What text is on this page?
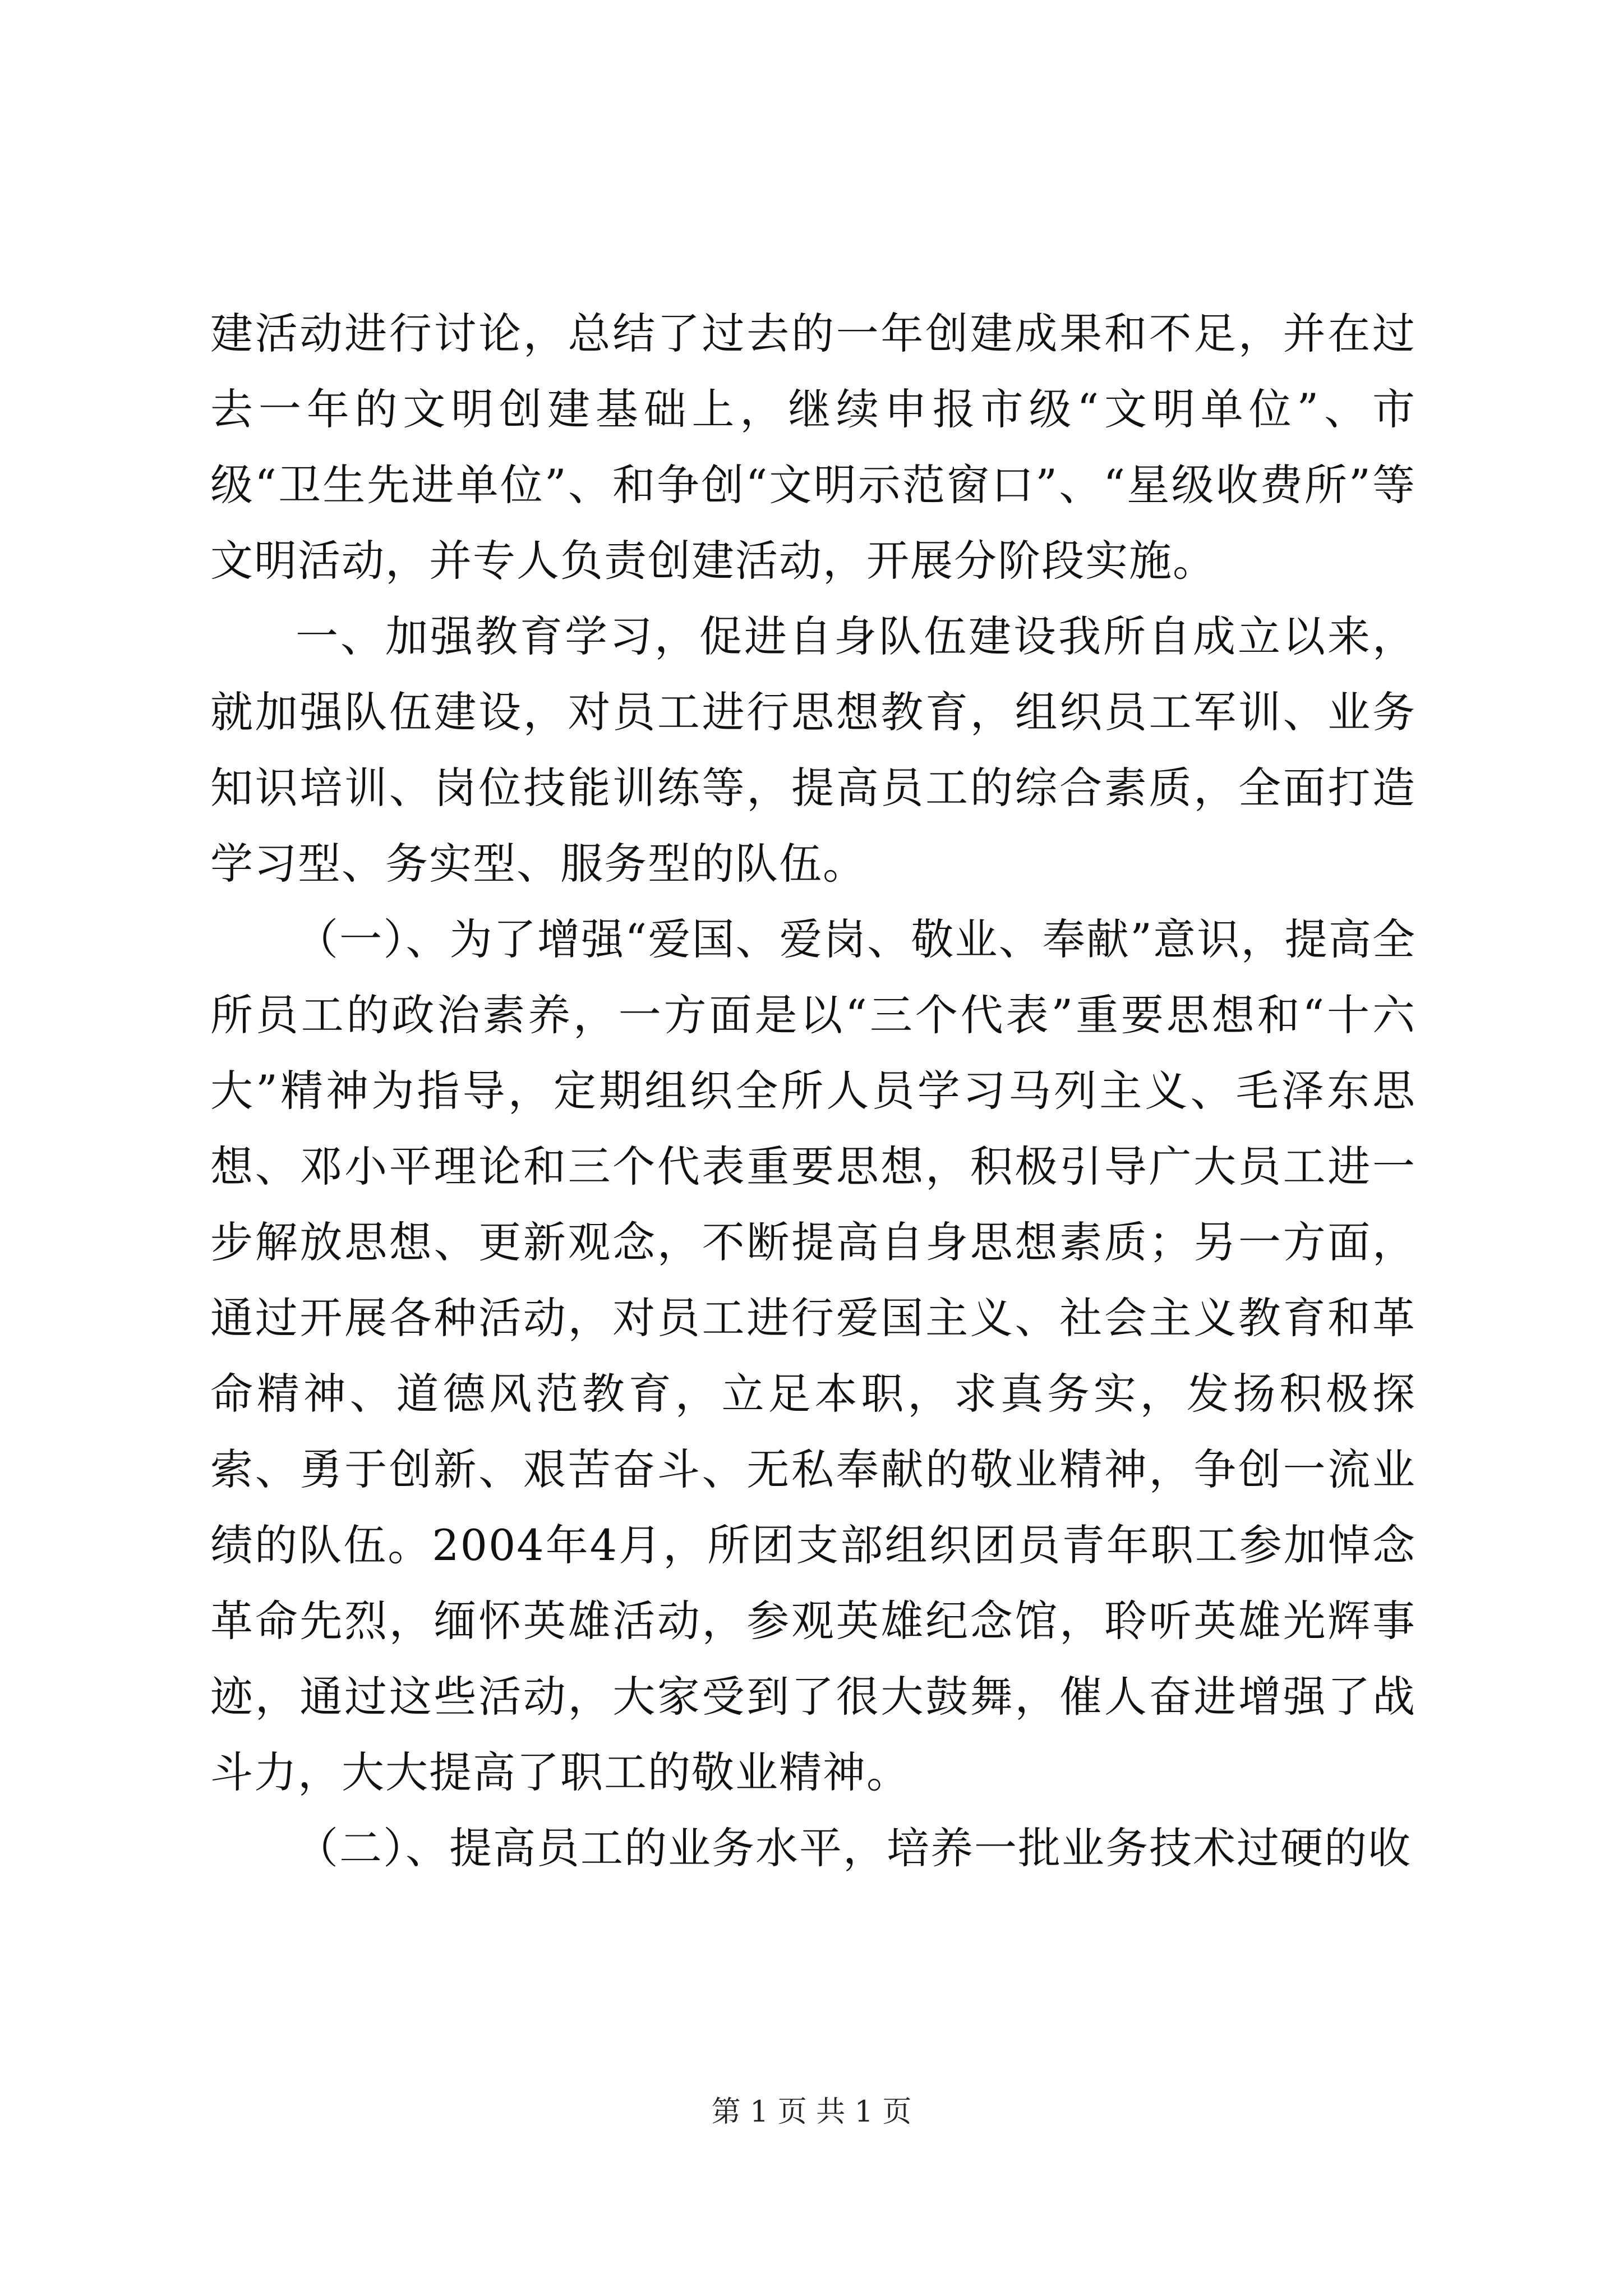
建活动进行讨论，总结了过去的一年创建成果和不足，并在过去一年的文明创建基础上，继续申报市级“文明单位”、市级“卫生先进单位”、和争创“文明示范窗口”、“星级收费所”等文明活动，并专人负责创建活动，开展分阶段实施。

一、加强教育学习，促进自身队伍建设我所自成立以来，就加强队伍建设，对员工进行思想教育，组织员工军训、业务知识培训、岗位技能训练等，提高员工的综合素质，全面打造学习型、务实型、服务型的队伍。

（一）、为了增强“爱国、爱岗、敬业、奉献”意识，提高全所员工的政治素养，一方面是以“三个代表”重要思想和“十六大”精神为指导，定期组织全所人员学习马列主义、毛泽东思想、邓小平理论和三个代表重要思想，积极引导广大员工进一步解放思想、更新观念，不断提高自身思想素质；另一方面，通过开展各种活动，对员工进行爱国主义、社会主义教育和革命精神、道德风范教育，立足本职，求真务实，发扬积极探索、勇于创新、艰苦奋斗、无私奉献的敬业精神，争创一流业绩的队伍。2004年4月，所团支部组织团员青年职工参加悼念革命先烈，缅怀英雄活动，参观英雄纪念馆，聆听英雄光辉事迹，通过这些活动，大家受到了很大鼓舞，催人奋进增强了战斗力，大大提高了职工的敬业精神。

（二）、提高员工的业务水平，培养一批业务技术过硬的收

第 1 页 共 1 页
